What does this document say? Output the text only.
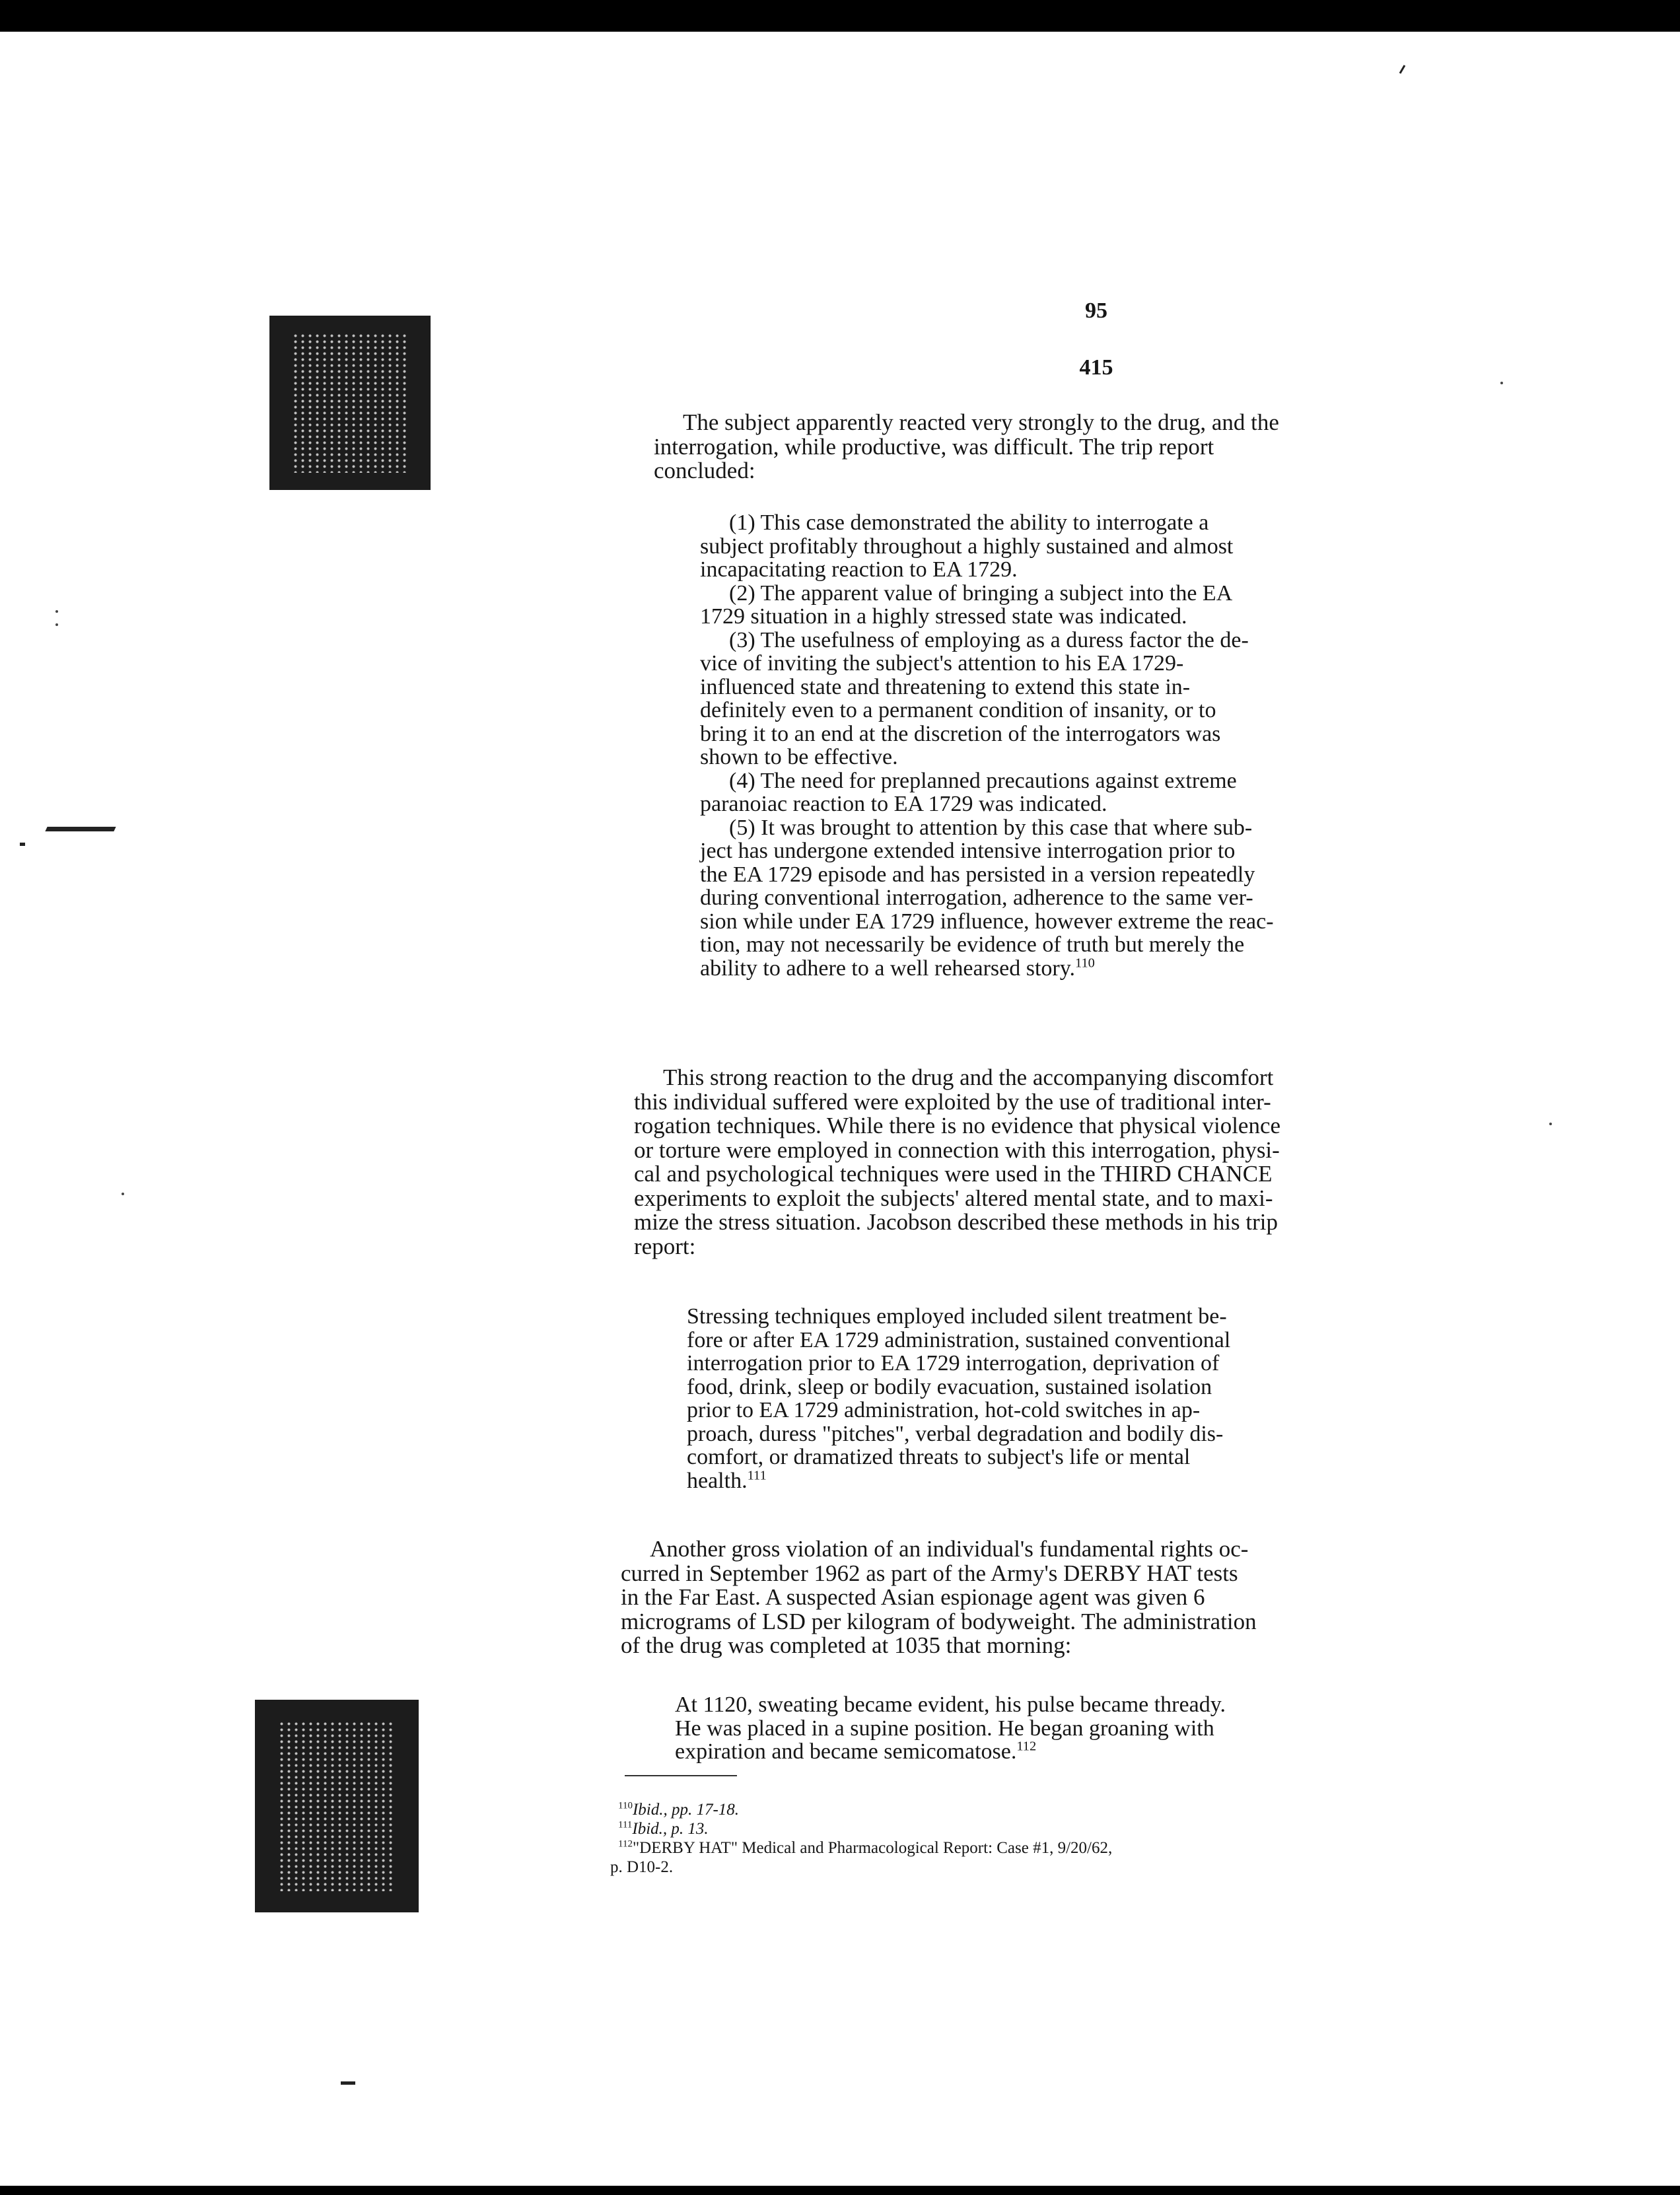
95
415
The subject apparently reacted very strongly to the drug, and the
interrogation, while productive, was difficult. The trip report
concluded:
(1) This case demonstrated the ability to interrogate a
subject profitably throughout a highly sustained and almost
incapacitating reaction to EA 1729.
(2) The apparent value of bringing a subject into the EA
1729 situation in a highly stressed state was indicated.
(3) The usefulness of employing as a duress factor the de-
vice of inviting the subject's attention to his EA 1729-
influenced state and threatening to extend this state in-
definitely even to a permanent condition of insanity, or to
bring it to an end at the discretion of the interrogators was
shown to be effective.
(4) The need for preplanned precautions against extreme
paranoiac reaction to EA 1729 was indicated.
(5) It was brought to attention by this case that where sub-
ject has undergone extended intensive interrogation prior to
the EA 1729 episode and has persisted in a version repeatedly
during conventional interrogation, adherence to the same ver-
sion while under EA 1729 influence, however extreme the reac-
tion, may not necessarily be evidence of truth but merely the
ability to adhere to a well rehearsed story.$^{110}$
This strong reaction to the drug and the accompanying discomfort
this individual suffered were exploited by the use of traditional inter-
rogation techniques. While there is no evidence that physical violence
or torture were employed in connection with this interrogation, physi-
cal and psychological techniques were used in the THIRD CHANCE
experiments to exploit the subjects' altered mental state, and to maxi-
mize the stress situation. Jacobson described these methods in his trip
report:
Stressing techniques employed included silent treatment be-
fore or after EA 1729 administration, sustained conventional
interrogation prior to EA 1729 interrogation, deprivation of
food, drink, sleep or bodily evacuation, sustained isolation
prior to EA 1729 administration, hot-cold switches in ap-
proach, duress "pitches", verbal degradation and bodily dis-
comfort, or dramatized threats to subject's life or mental
health.$^{111}$
Another gross violation of an individual's fundamental rights oc-
curred in September 1962 as part of the Army's DERBY HAT tests
in the Far East. A suspected Asian espionage agent was given 6
micrograms of LSD per kilogram of bodyweight. The administration
of the drug was completed at 1035 that morning:
At 1120, sweating became evident, his pulse became thready.
He was placed in a supine position. He began groaning with
expiration and became semicomatose.$^{112}$
$^{110}$Ibid., pp. 17-18.
$^{111}$Ibid., p. 13.
$^{112}$"DERBY HAT" Medical and Pharmacological Report: Case #1, 9/20/62,
p. D10-2.
